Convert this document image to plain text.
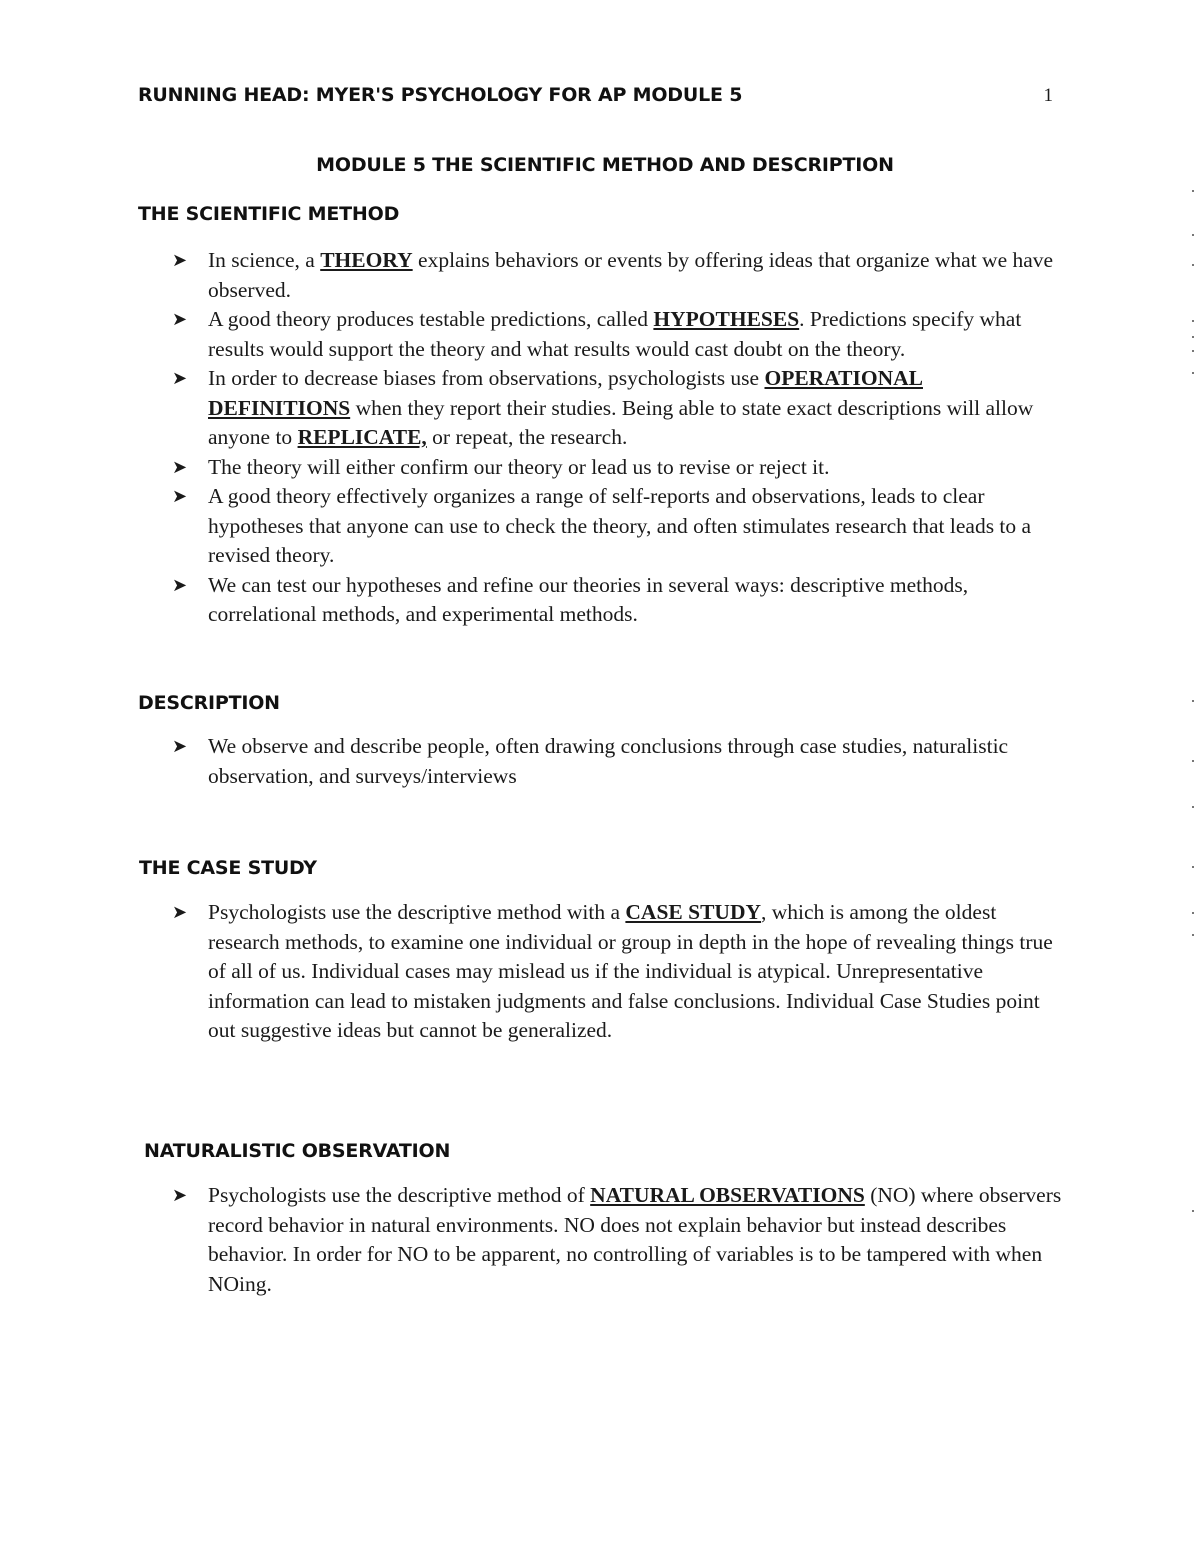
RUNNING HEAD: MYER'S PSYCHOLOGY FOR AP MODULE 5	1
MODULE 5 THE SCIENTIFIC METHOD AND DESCRIPTION
THE SCIENTIFIC METHOD
➤ In science, a THEORY explains behaviors or events by offering ideas that organize what we have observed.
➤ A good theory produces testable predictions, called HYPOTHESES. Predictions specify what results would support the theory and what results would cast doubt on the theory.
➤ In order to decrease biases from observations, psychologists use OPERATIONAL DEFINITIONS when they report their studies. Being able to state exact descriptions will allow anyone to REPLICATE, or repeat, the research.
➤ The theory will either confirm our theory or lead us to revise or reject it.
➤ A good theory effectively organizes a range of self-reports and observations, leads to clear hypotheses that anyone can use to check the theory, and often stimulates research that leads to a revised theory.
➤ We can test our hypotheses and refine our theories in several ways: descriptive methods, correlational methods, and experimental methods.
DESCRIPTION
➤ We observe and describe people, often drawing conclusions through case studies, naturalistic observation, and surveys/interviews
THE CASE STUDY
➤ Psychologists use the descriptive method with a CASE STUDY, which is among the oldest research methods, to examine one individual or group in depth in the hope of revealing things true of all of us. Individual cases may mislead us if the individual is atypical. Unrepresentative information can lead to mistaken judgments and false conclusions. Individual Case Studies point out suggestive ideas but cannot be generalized.
NATURALISTIC OBSERVATION
➤ Psychologists use the descriptive method of NATURAL OBSERVATIONS (NO) where observers record behavior in natural environments. NO does not explain behavior but instead describes behavior. In order for NO to be apparent, no controlling of variables is to be tampered with when NOing.
